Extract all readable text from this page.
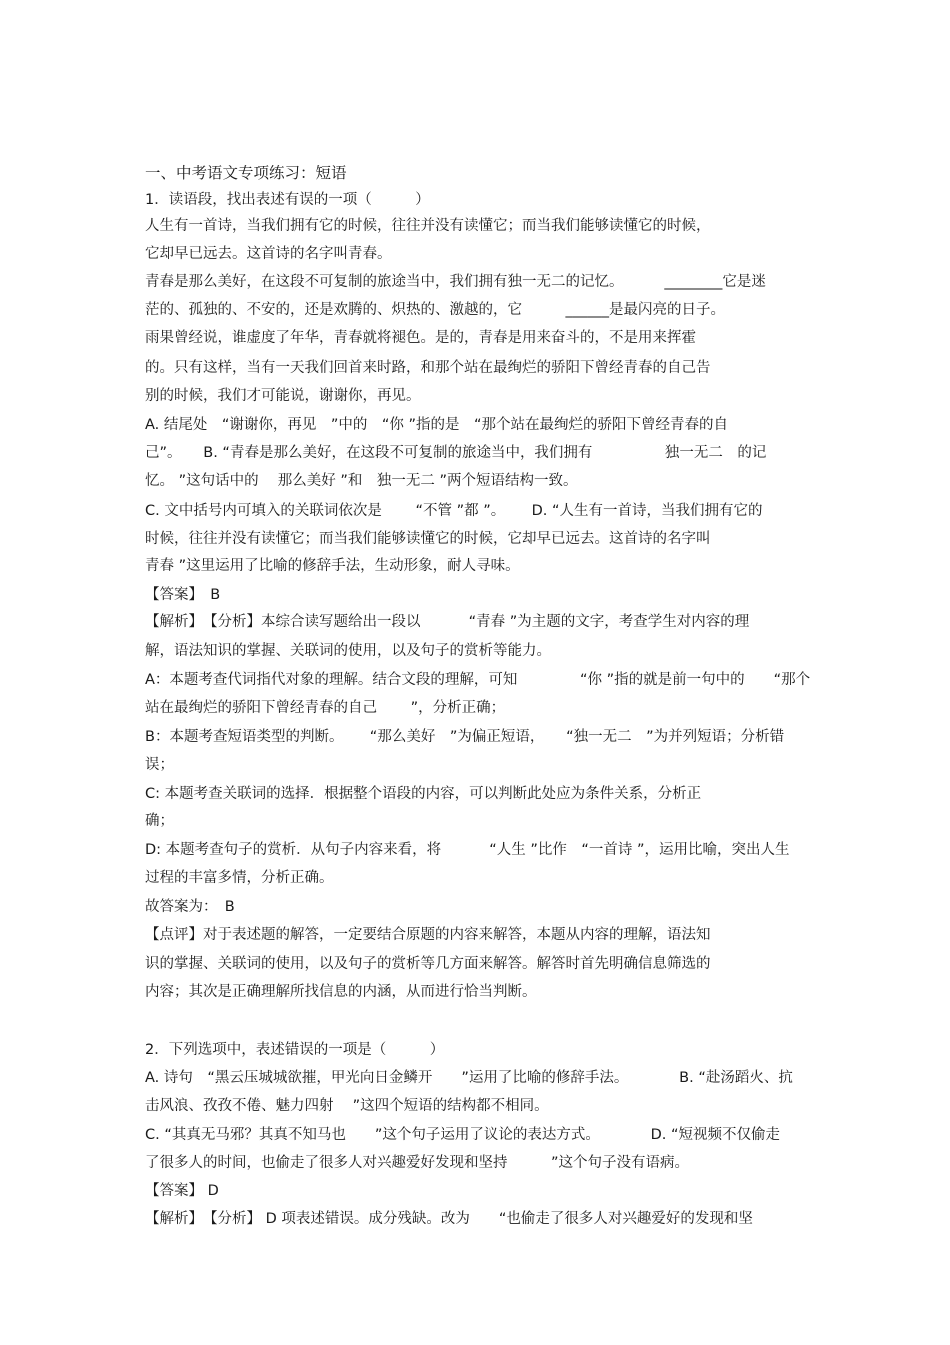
一、中考语文专项练习：短语
1．读语段，找出表述有误的一项（　　　）
人生有一首诗，当我们拥有它的时候，往往并没有读懂它；而当我们能够读懂它的时候，
它却早已远去。这首诗的名字叫青春。
青春是那么美好，在这段不可复制的旅途当中，我们拥有独一无二的记忆。　　　 ________它是迷
茫的、孤独的、不安的，还是欢腾的、炽热的、激越的，它　　　______是最闪亮的日子。
雨果曾经说，谁虚度了年华，青春就将褪色。是的，青春是用来奋斗的，不是用来挥霍
的。只有这样，当有一天我们回首来时路，和那个站在最绚烂的骄阳下曾经青春的自己告
别的时候，我们才可能说，谢谢你，再见。
A. 结尾处　“谢谢你，再见　”中的　“你 ”指的是　“那个站在最绚烂的骄阳下曾经青春的自
己”。　　B. “青春是那么美好，在这段不可复制的旅途当中，我们拥有　　　　　独一无二　的记
忆。 ”这句话中的　 那么美好 ”和　独一无二 ”两个短语结构一致。
C. 文中括号内可填入的关联词依次是　　 “不管 ”都 ”。　　 D. “人生有一首诗，当我们拥有它的
时候，往往并没有读懂它；而当我们能够读懂它的时候，它却早已远去。这首诗的名字叫
青春 ”这里运用了比喻的修辞手法，生动形象，耐人寻味。
【答案】　B
【解析】　【分析】本综合读写题给出一段以　　　 “青春 ”为主题的文字，考查学生对内容的理
解，语法知识的掌握、关联词的使用，以及句子的赏析等能力。
A：本题考查代词指代对象的理解。结合文段的理解，可知　　　　 “你 ”指的就是前一句中的　　“那个
站在最绚烂的骄阳下曾经青春的自己　　 ”，分析正确；
B：本题考查短语类型的判断。　　 “那么美好　”为偏正短语，　　“独一无二　”为并列短语；分析错
误；
C: 本题考查关联词的选择．根据整个语段的内容，可以判断此处应为条件关系，分析正
确；
D: 本题考查句子的赏析．从句子内容来看，将　　　 “人生 ”比作　“一首诗 ”，运用比喻，突出人生
过程的丰富多情，分析正确。
故答案为：　B
【点评】对于表述题的解答，一定要结合原题的内容来解答，本题从内容的理解，语法知
识的掌握、关联词的使用，以及句子的赏析等几方面来解答。解答时首先明确信息筛选的
内容；其次是正确理解所找信息的内涵，从而进行恰当判断。
2．下列选项中，表述错误的一项是（　　　）
A. 诗句　“黑云压城城欲摧，甲光向日金鳞开　　”运用了比喻的修辞手法。　　　　B. “赴汤蹈火、抗
击风浪、孜孜不倦、魅力四射　 ”这四个短语的结构都不相同。
C. “其真无马邪？其真不知马也　　”这个句子运用了议论的表达方式。　　　　D. “短视频不仅偷走
了很多人的时间，也偷走了很多人对兴趣爱好发现和坚持　　　”这个句子没有语病。
【答案】 D
【解析】　【分析】 D 项表述错误。成分残缺。改为　　“也偷走了很多人对兴趣爱好的发现和坚
